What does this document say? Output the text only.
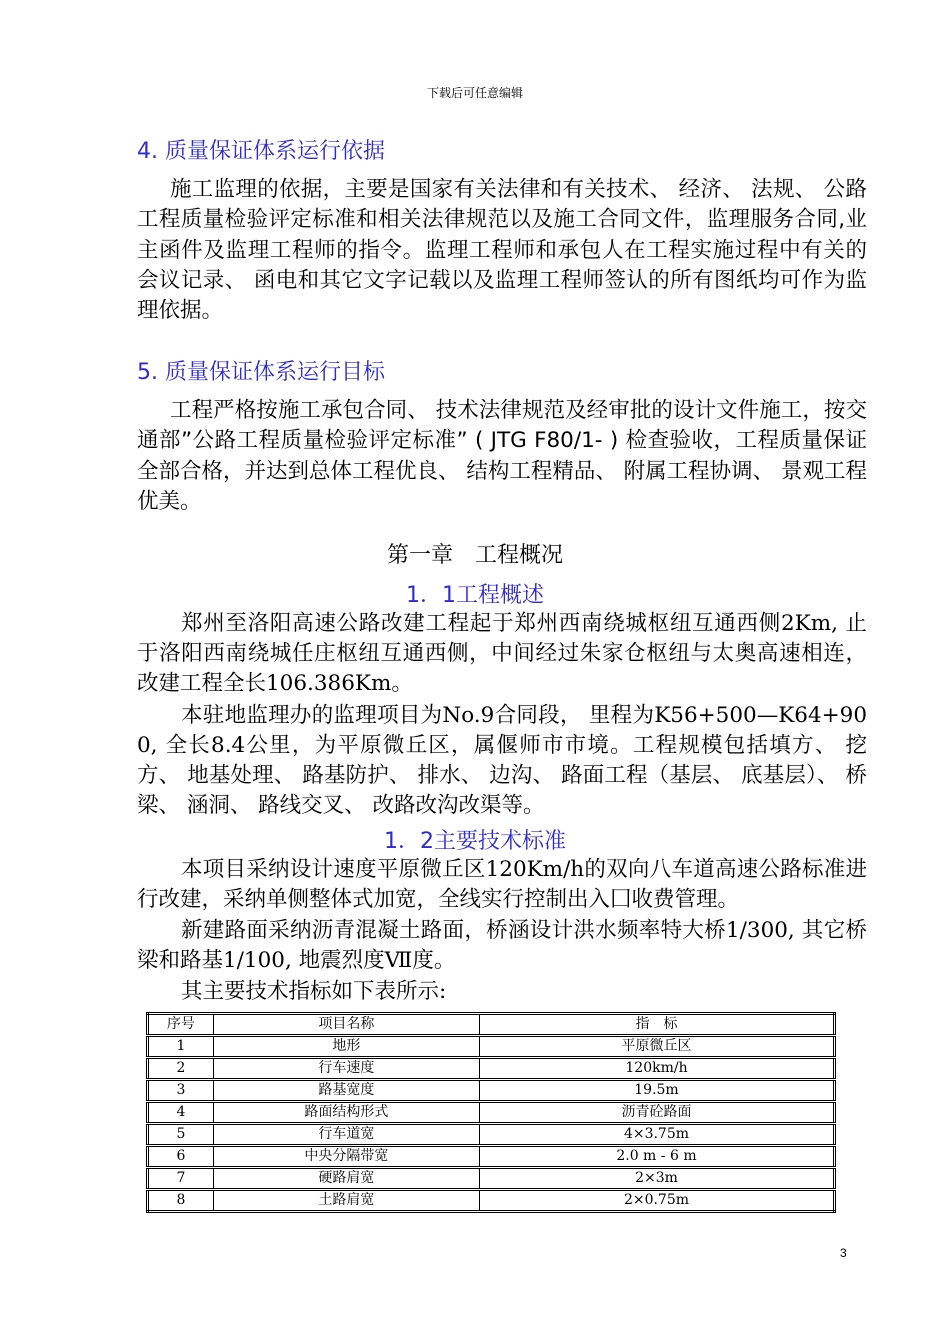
下载后可任意编辑
4. 质量保证体系运行依据
施工监理的依据，主要是国家有关法律和有关技术、 经济、 法规、 公路工程质量检验评定标准和相关法律规范以及施工合同文件，监理服务合同,业主函件及监理工程师的指令。监理工程师和承包人在工程实施过程中有关的会议记录、 函电和其它文字记载以及监理工程师签认的所有图纸均可作为监理依据。
5. 质量保证体系运行目标
工程严格按施工承包合同、 技术法律规范及经审批的设计文件施工，按交通部”公路工程质量检验评定标准” ( JTG F80/1- ) 检查验收，工程质量保证全部合格，并达到总体工程优良、 结构工程精品、 附属工程协调、 景观工程优美。
第一章　工程概况
1．1工程概述
郑州至洛阳高速公路改建工程起于郑州西南绕城枢纽互通西侧2Km, 止于洛阳西南绕城任庄枢纽互通西侧，中间经过朱家仓枢纽与太奥高速相连，改建工程全长106.386Km。
本驻地监理办的监理项目为No.9合同段， 里程为K56+500—K64+900, 全长8.4公里，为平原微丘区，属偃师市市境。工程规模包括填方、 挖方、 地基处理、 路基防护、 排水、 边沟、 路面工程（基层、 底基层）、 桥梁、 涵洞、 路线交叉、 改路改沟改渠等。
1．2主要技术标准
本项目采纳设计速度平原微丘区120Km/h的双向八车道高速公路标准进行改建，采纳单侧整体式加宽，全线实行控制出入囗收费管理。
新建路面采纳沥青混凝土路面，桥涵设计洪水频率特大桥1/300, 其它桥梁和路基1/100, 地震烈度Ⅶ度。
其主要技术指标如下表所示:
序号	项目名称	指　标
1	地形	平原微丘区
2	行车速度	120km/h
3	路基宽度	19.5m
4	路面结构形式	沥青砼路面
5	行车道宽	4×3.75m
6	中央分隔带宽	2.0 m - 6 m
7	硬路肩宽	2×3m
8	土路肩宽	2×0.75m
3
